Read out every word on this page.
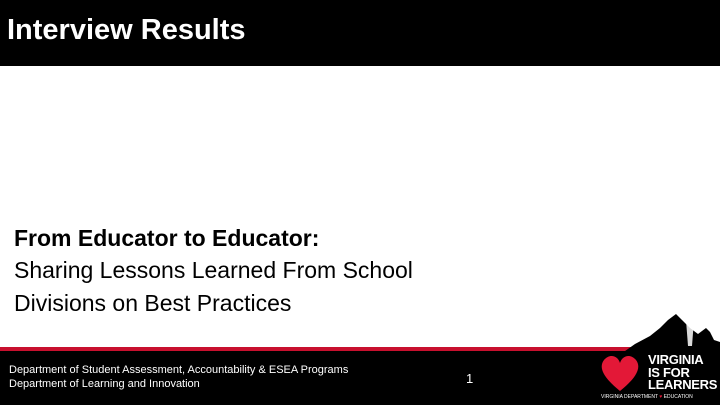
Interview Results
From Educator to Educator:
Sharing Lessons Learned From School
Divisions on Best Practices
Department of Student Assessment, Accountability & ESEA Programs
Department of Learning and Innovation	1
VIRGINIA
IS FOR
LEARNERS
VIRGINIA DEPARTMENT ♥ EDUCATION
